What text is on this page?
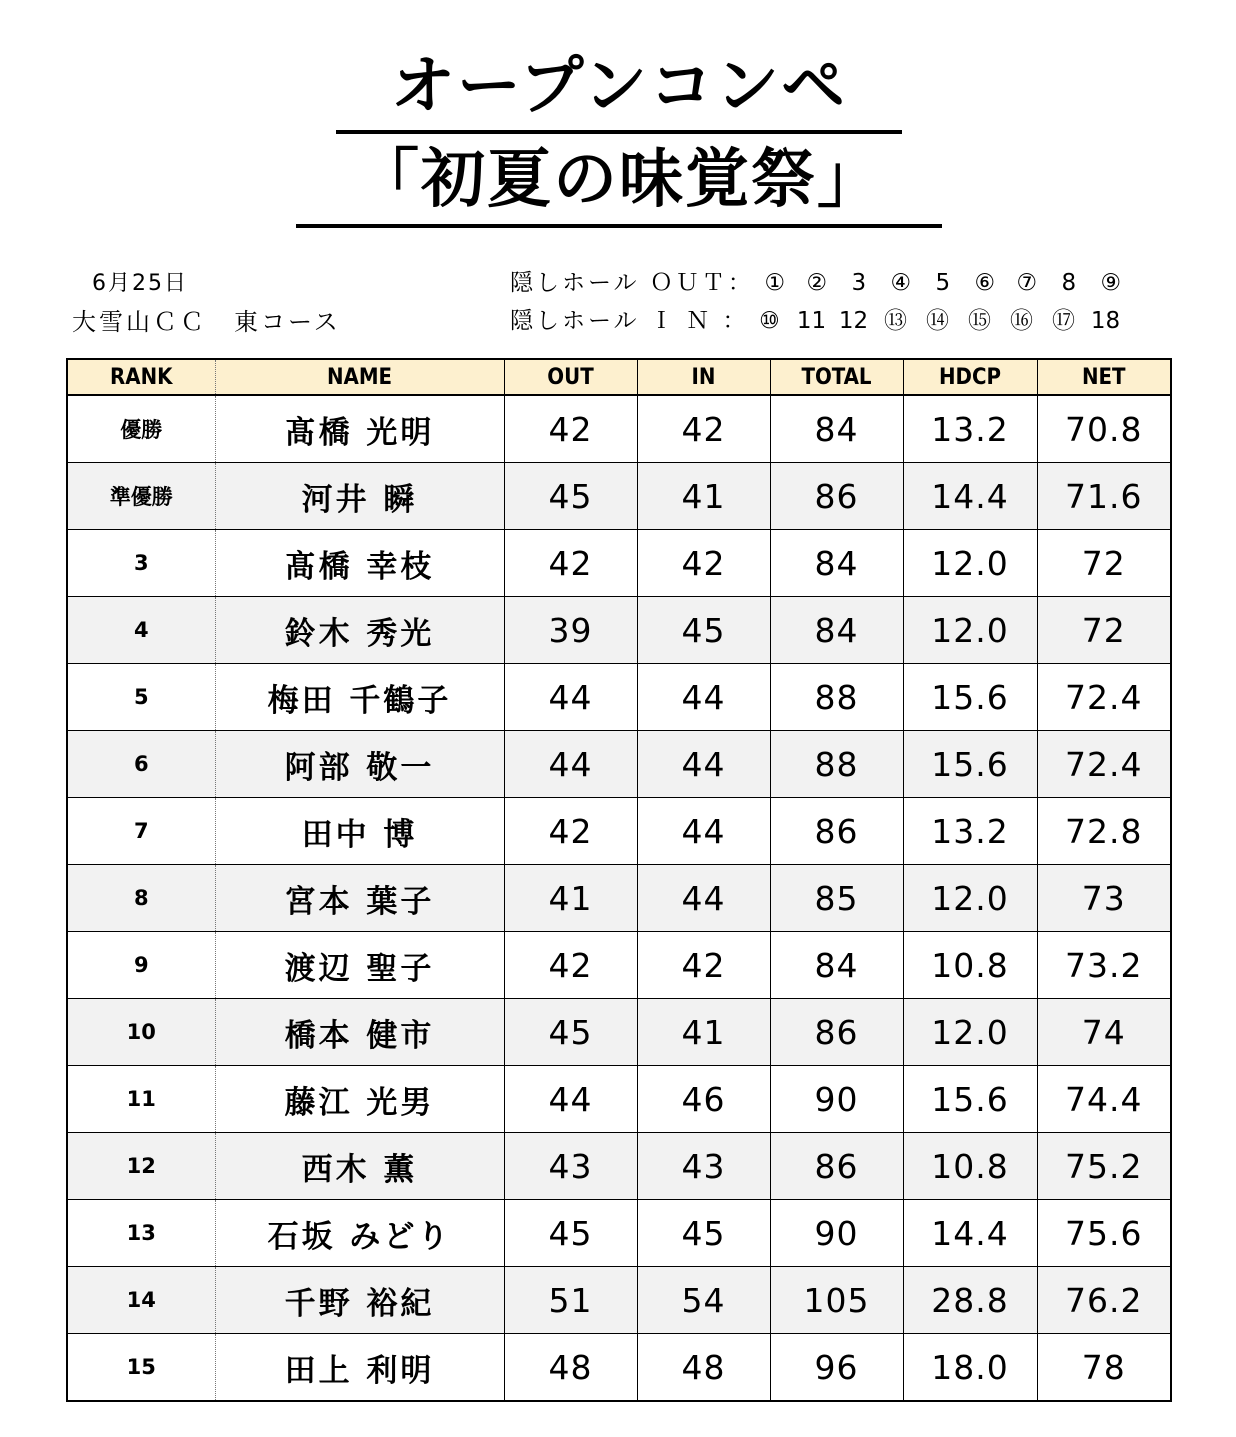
オープンコンペ
「初夏の味覚祭」
6月25日
大雪山ＣＣ　東コース
隠しホール ＯＵＴ： ① ② 3 ④ 5 ⑥ ⑦ 8 ⑨
隠しホール Ｉ Ｎ ： ⑩ 11 12 ⑬ ⑭ ⑮ ⑯ ⑰ 18
RANK	NAME	OUT	IN	TOTAL	HDCP	NET
優勝	髙橋 光明	42	42	84	13.2	70.8
準優勝	河井 瞬	45	41	86	14.4	71.6
3	髙橋 幸枝	42	42	84	12.0	72
4	鈴木 秀光	39	45	84	12.0	72
5	梅田 千鶴子	44	44	88	15.6	72.4
6	阿部 敬一	44	44	88	15.6	72.4
7	田中 博	42	44	86	13.2	72.8
8	宮本 葉子	41	44	85	12.0	73
9	渡辺 聖子	42	42	84	10.8	73.2
10	橋本 健市	45	41	86	12.0	74
11	藤江 光男	44	46	90	15.6	74.4
12	西木 薫	43	43	86	10.8	75.2
13	石坂 みどり	45	45	90	14.4	75.6
14	千野 裕紀	51	54	105	28.8	76.2
15	田上 利明	48	48	96	18.0	78
